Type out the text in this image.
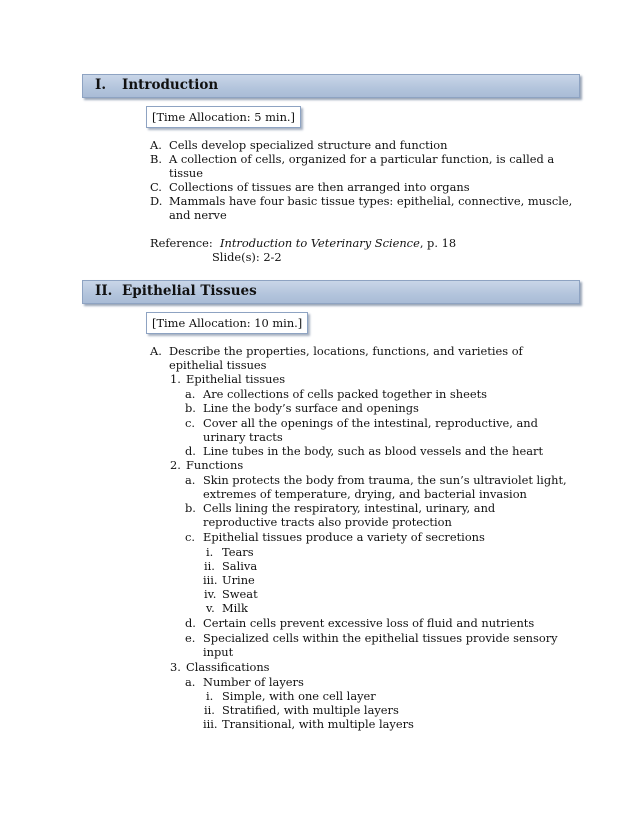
I. Introduction
[Time Allocation: 5 min.]
A. Cells develop specialized structure and function
B. A collection of cells, organized for a particular function, is called a
tissue
C. Collections of tissues are then arranged into organs
D. Mammals have four basic tissue types: epithelial, connective, muscle,
and nerve
Reference: Introduction to Veterinary Science, p. 18
Slide(s): 2-2
II. Epithelial Tissues
[Time Allocation: 10 min.]
A. Describe the properties, locations, functions, and varieties of
epithelial tissues
1. Epithelial tissues
a. Are collections of cells packed together in sheets
b. Line the body’s surface and openings
c. Cover all the openings of the intestinal, reproductive, and
urinary tracts
d. Line tubes in the body, such as blood vessels and the heart
2. Functions
a. Skin protects the body from trauma, the sun’s ultraviolet light,
extremes of temperature, drying, and bacterial invasion
b. Cells lining the respiratory, intestinal, urinary, and
reproductive tracts also provide protection
c. Epithelial tissues produce a variety of secretions
i. Tears
ii. Saliva
iii. Urine
iv. Sweat
v. Milk
d. Certain cells prevent excessive loss of fluid and nutrients
e. Specialized cells within the epithelial tissues provide sensory
input
3. Classifications
a. Number of layers
i. Simple, with one cell layer
ii. Stratified, with multiple layers
iii. Transitional, with multiple layers
